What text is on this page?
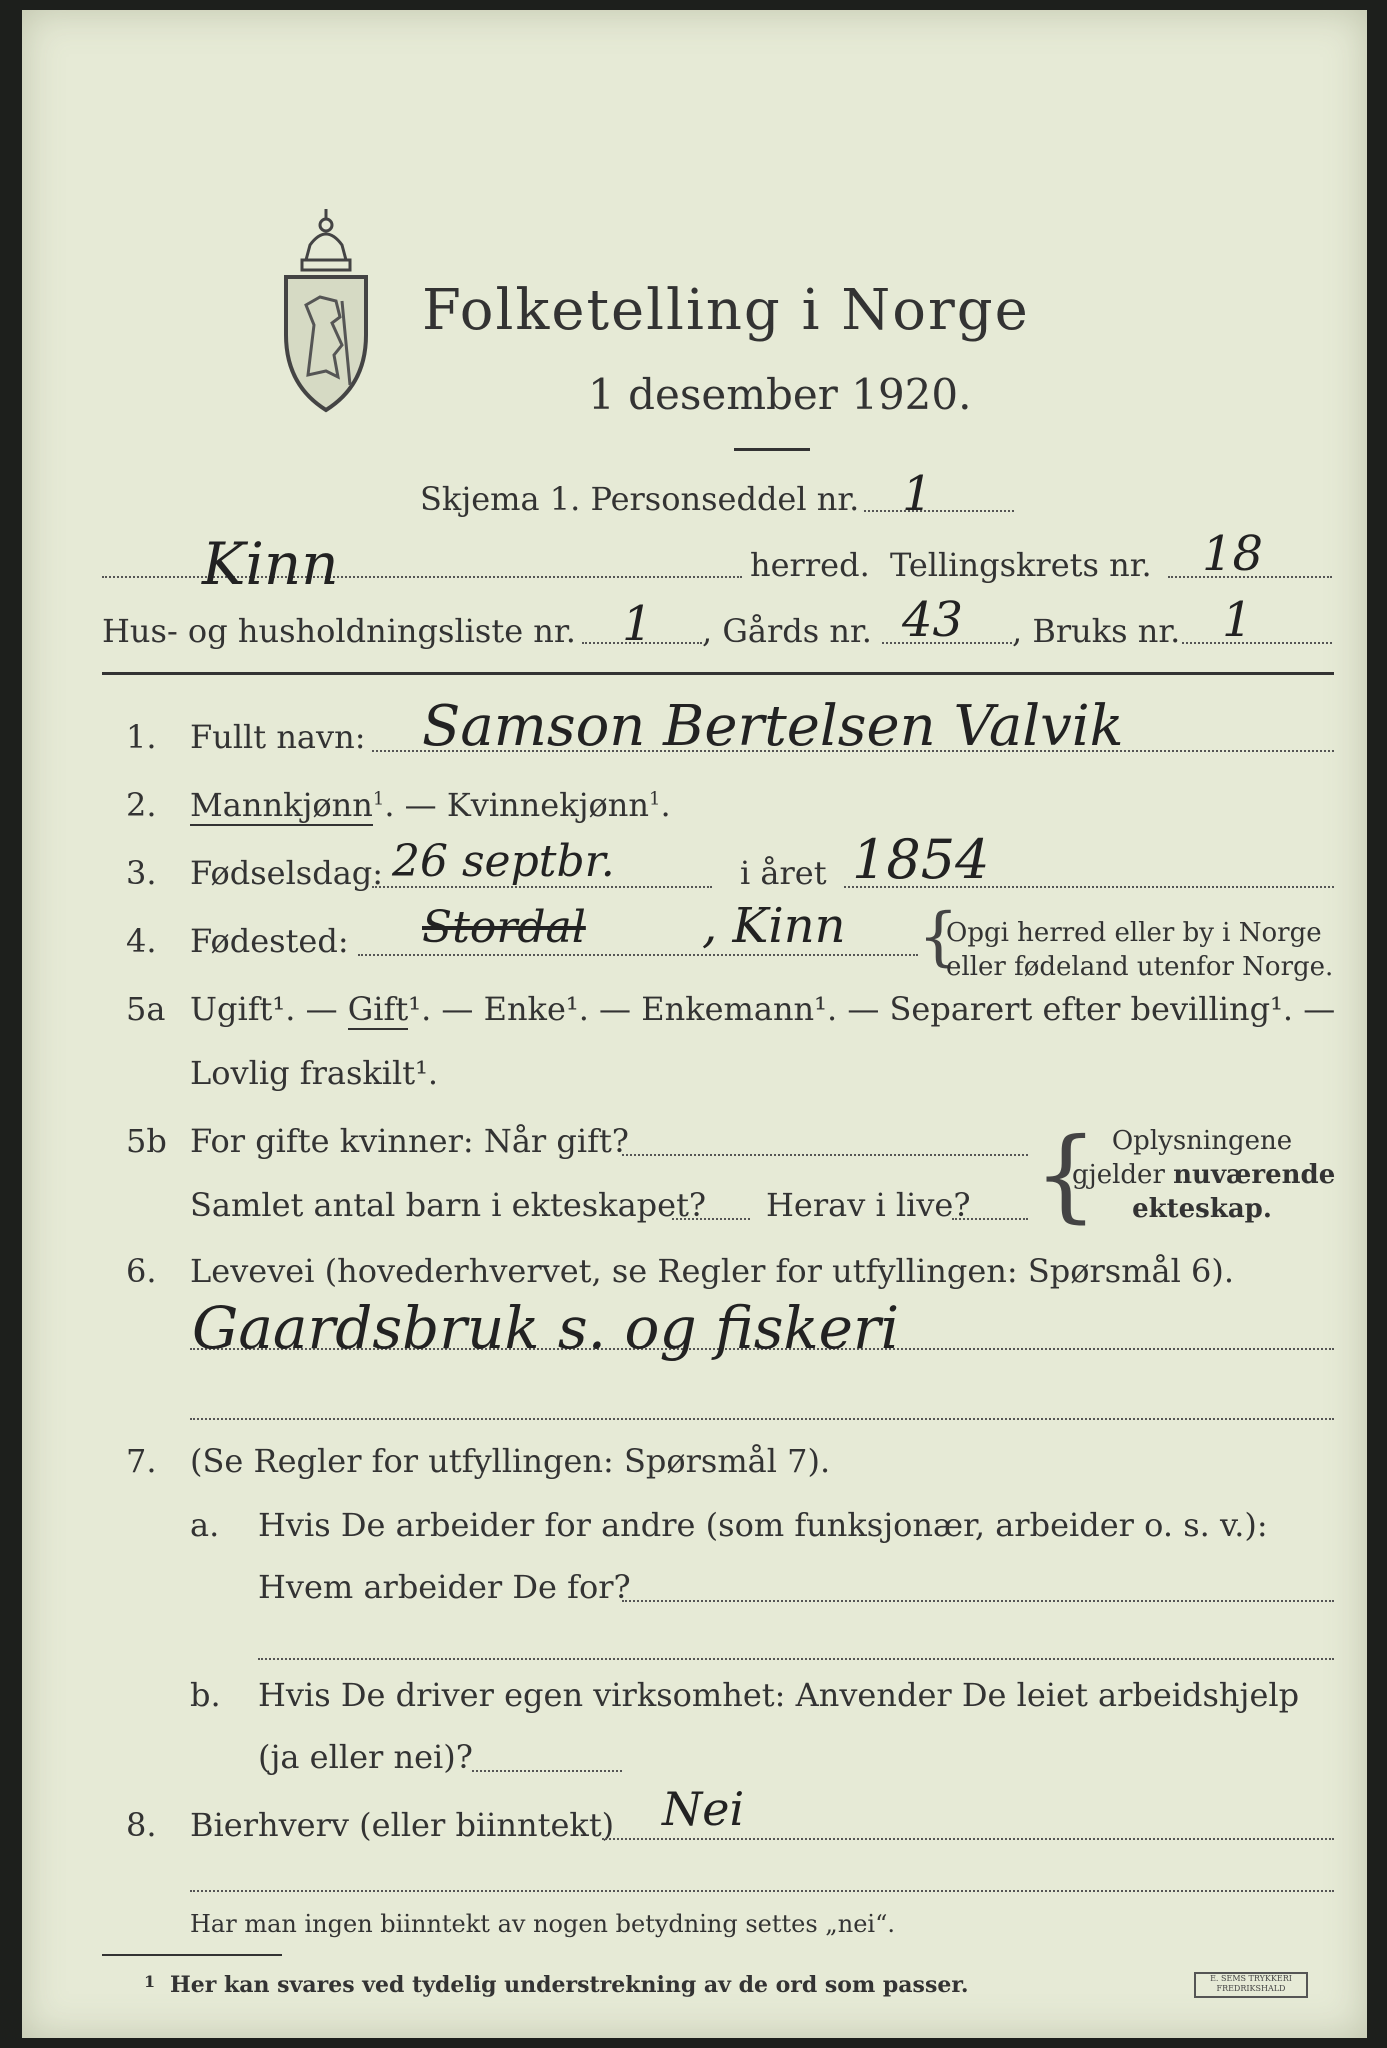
Folketelling i Norge
1 desember 1920.
Skjema 1. Personseddel nr. 1
Kinn	herred. Tellingskrets nr. 18
Hus- og husholdningsliste nr. 1 , Gårds nr. 43 , Bruks nr. 1
1. Fullt navn: Samson Bertelsen Valvik
2. Mannkjønn$^1$. — Kvinnekjønn$^1$.
3. Fødselsdag: 26 septbr.	i året 1854
4. Fødested: Stordal , Kinn {
Opgi herred eller by i Norge
eller fødeland utenfor Norge.
5a Ugift¹. — Gift¹. — Enke¹. — Enkemann¹. — Separert efter bevilling¹. —
Lovlig fraskilt¹.
5b For gifte kvinner: Når gift?
Samlet antal barn i ekteskapet? Herav i live? { Oplysningene
gjelder nuværende
ekteskap.
6. Levevei (hovederhvervet, se Regler for utfyllingen: Spørsmål 6).
Gaardsbruk s. og fiskeri
7. (Se Regler for utfyllingen: Spørsmål 7).
a. Hvis De arbeider for andre (som funksjonær, arbeider o. s. v.):
Hvem arbeider De for?
b. Hvis De driver egen virksomhet: Anvender De leiet arbeidshjelp
(ja eller nei)?
8. Bierhverv (eller biinntekt) Nei
Har man ingen biinntekt av nogen betydning settes „nei“.
1 Her kan svares ved tydelig understrekning av de ord som passer.	E. SEMS TRYKKERI FREDRIKSHALD
